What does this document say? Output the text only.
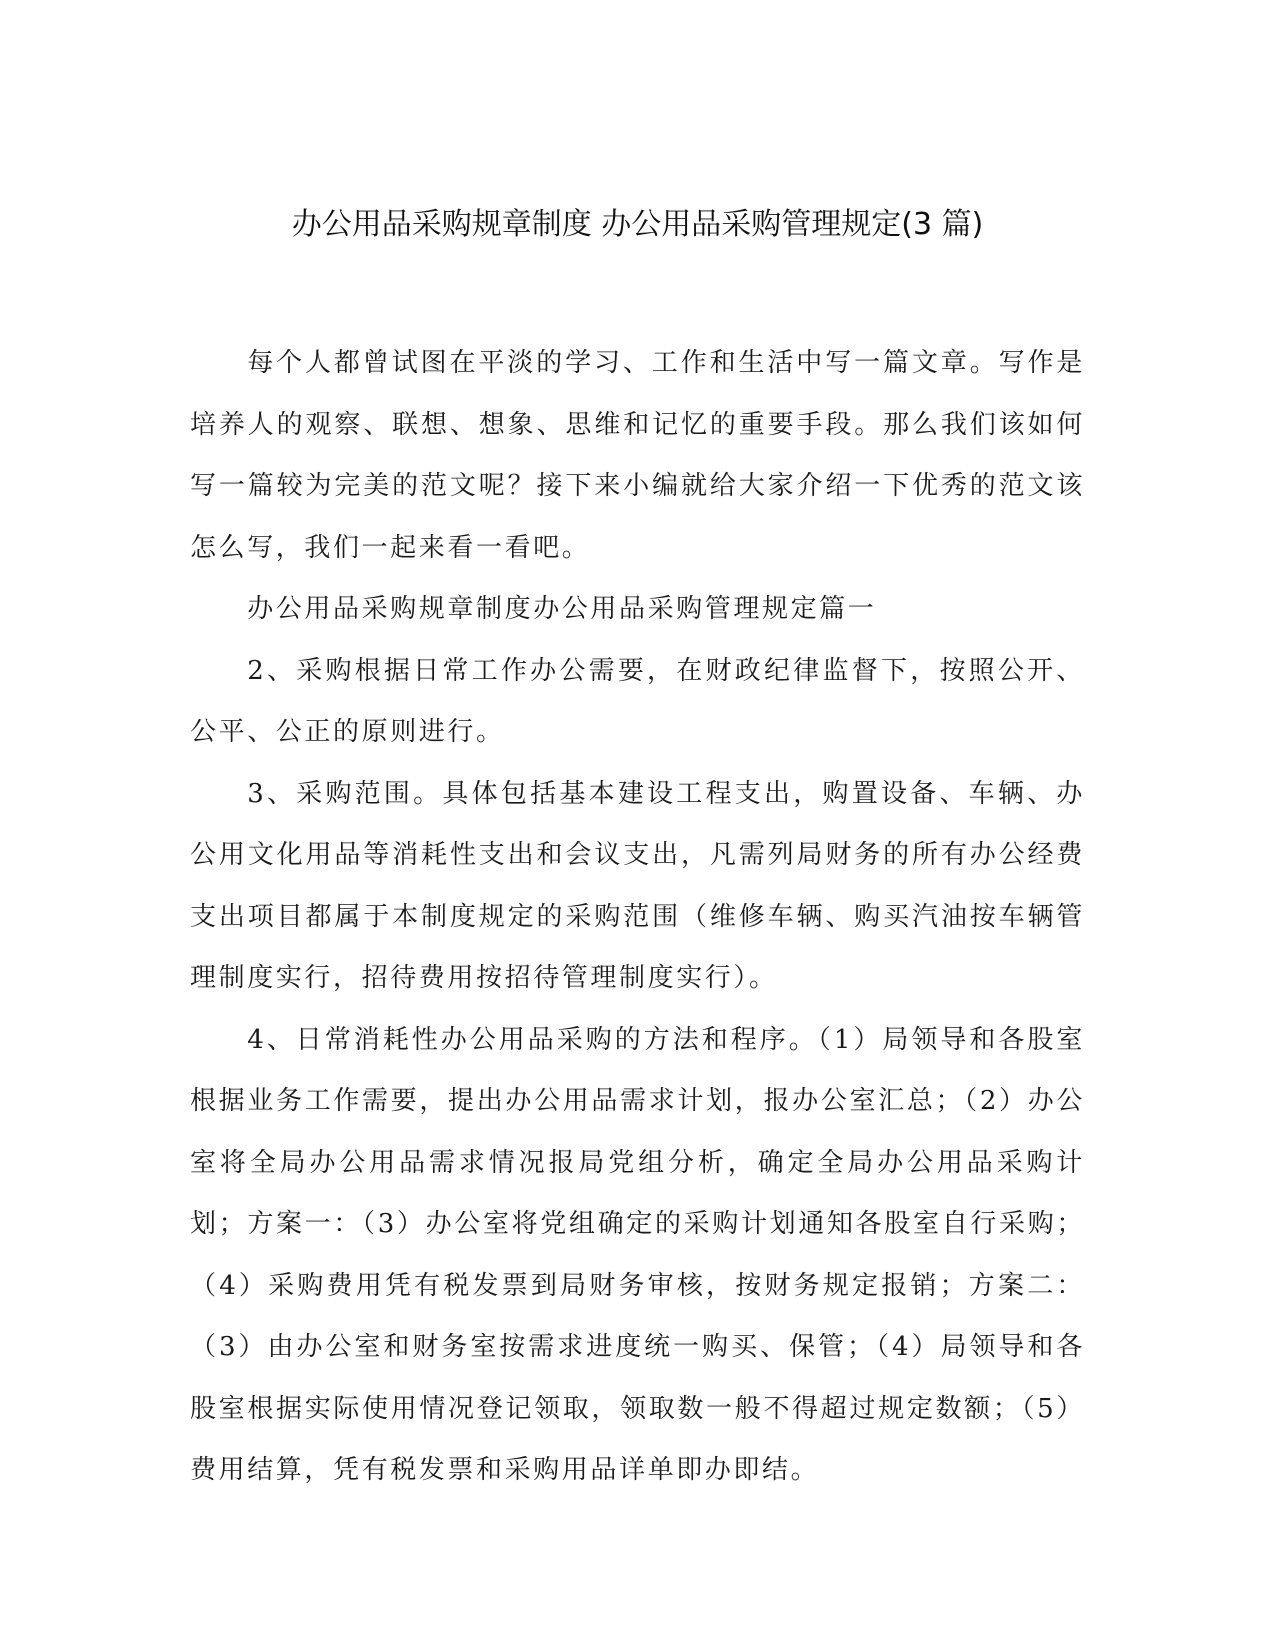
办公用品采购规章制度 办公用品采购管理规定(3 篇)

每个人都曾试图在平淡的学习、工作和生活中写一篇文章。写作是培养人的观察、联想、想象、思维和记忆的重要手段。那么我们该如何写一篇较为完美的范文呢？接下来小编就给大家介绍一下优秀的范文该怎么写，我们一起来看一看吧。

办公用品采购规章制度办公用品采购管理规定篇一

2、采购根据日常工作办公需要，在财政纪律监督下，按照公开、公平、公正的原则进行。

3、采购范围。具体包括基本建设工程支出，购置设备、车辆、办公用文化用品等消耗性支出和会议支出，凡需列局财务的所有办公经费支出项目都属于本制度规定的采购范围（维修车辆、购买汽油按车辆管理制度实行，招待费用按招待管理制度实行）。

4、日常消耗性办公用品采购的方法和程序。（1）局领导和各股室根据业务工作需要，提出办公用品需求计划，报办公室汇总；（2）办公室将全局办公用品需求情况报局党组分析，确定全局办公用品采购计划；方案一：（3）办公室将党组确定的采购计划通知各股室自行采购；（4）采购费用凭有税发票到局财务审核，按财务规定报销；方案二：（3）由办公室和财务室按需求进度统一购买、保管；（4）局领导和各股室根据实际使用情况登记领取，领取数一般不得超过规定数额；（5）费用结算，凭有税发票和采购用品详单即办即结。
